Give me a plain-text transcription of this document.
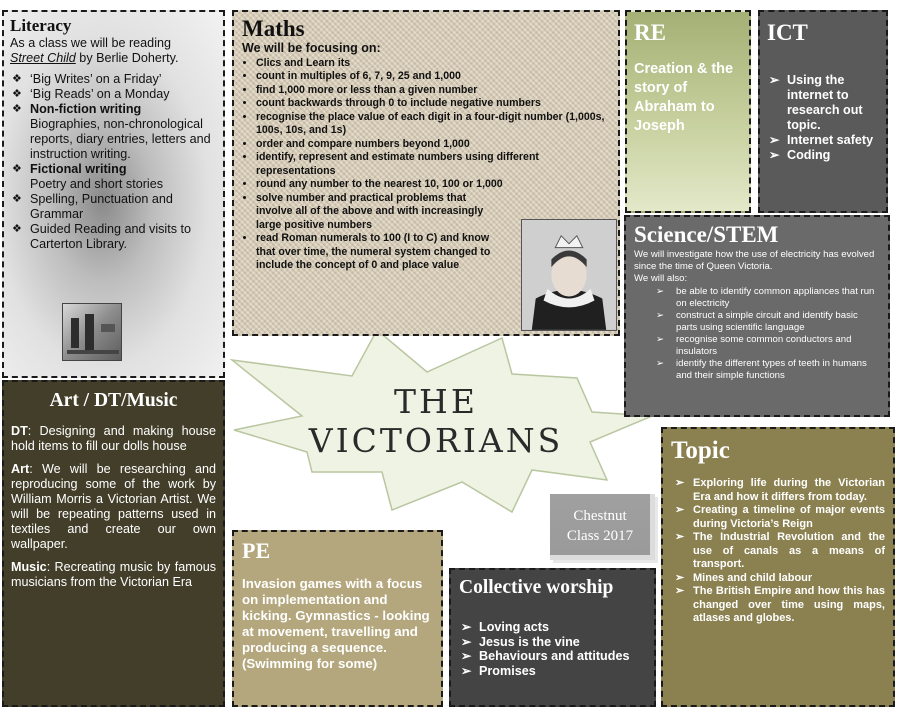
THE
VICTORIANS
Literacy
As a class we will be reading
Street Child by Berlie Doherty.
❖ ‘Big Writes’ on a Friday’
❖ ‘Big Reads’ on a Monday
❖ Non-fiction writing
Biographies, non-chronological reports, diary entries, letters and instruction writing.
❖ Fictional writing
Poetry and short stories
❖ Spelling, Punctuation and Grammar
❖ Guided Reading and visits to Carterton Library.
Maths
We will be focusing on:
• Clics and Learn its
• count in multiples of 6, 7, 9, 25 and 1,000
• find 1,000 more or less than a given number
• count backwards through 0 to include negative numbers
• recognise the place value of each digit in a four-digit number (1,000s, 100s, 10s, and 1s)
• order and compare numbers beyond 1,000
• identify, represent and estimate numbers using different representations
• round any number to the nearest 10, 100 or 1,000
• solve number and practical problems that involve all of the above and with increasingly large positive numbers
• read Roman numerals to 100 (I to C) and know that over time, the numeral system changed to include the concept of 0 and place value
RE
Creation & the story of Abraham to Joseph
ICT
➢ Using the internet to research out topic.
➢ Internet safety
➢ Coding
Science/STEM
We will investigate how the use of electricity has evolved since the time of Queen Victoria.
We will also:
➢ be able to identify common appliances that run on electricity
➢ construct a simple circuit and identify basic parts using scientific language
➢ recognise some common conductors and insulators
➢ identify the different types of teeth in humans and their simple functions
Art / DT/Music

DT: Designing and making house hold items to fill our dolls house

Art: We will be researching and reproducing some of the work by William Morris a Victorian Artist. We will be repeating patterns used in textiles and create our own wallpaper.

Music: Recreating music by famous musicians from the Victorian Era

Topic
➢ Exploring life during the Victorian Era and how it differs from today.
➢ Creating a timeline of major events during Victoria’s Reign
➢ The Industrial Revolution and the use of canals as a means of transport.
➢ Mines and child labour
➢ The British Empire and how this has changed over time using maps, atlases and globes.
PE
Invasion games with a focus on implementation and kicking. Gymnastics - looking at movement, travelling and producing a sequence. (Swimming for some)
Collective worship
➢ Loving acts
➢ Jesus is the vine
➢ Behaviours and attitudes
➢ Promises
Chestnut
Class 2017
